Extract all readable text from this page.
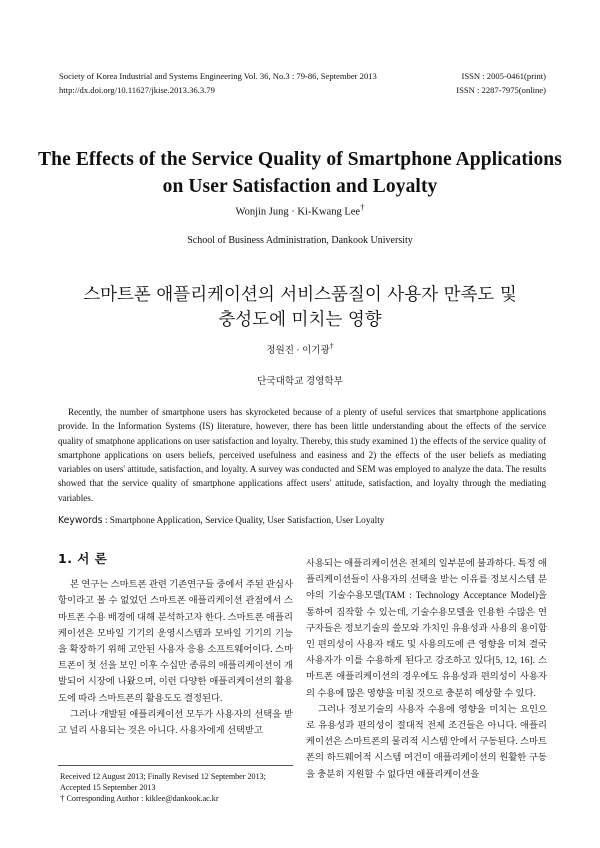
Society of Korea Industrial and Systems Engineering Vol. 36, No.3 : 79-86, September 2013	ISSN : 2005-0461(print)
http://dx.doi.org/10.11627/jkise.2013.36.3.79	ISSN : 2287-7975(online)
The Effects of the Service Quality of Smartphone Applications
on User Satisfaction and Loyalty
Wonjin Jung · Ki-Kwang Lee†
School of Business Administration, Dankook University
스마트폰 애플리케이션의 서비스품질이 사용자 만족도 및
충성도에 미치는 영향
정원진 · 이기광†
단국대학교 경영학부
Recently, the number of smartphone users has skyrocketed because of a plenty of useful services that smartphone applications provide. In the Information Systems (IS) literature, however, there has been little understanding about the effects of the service quality of smatphone applications on user satisfaction and loyalty. Thereby, this study examined 1) the effects of the service quality of smartphone applications on users beliefs, perceived usefulness and easiness and 2) the effects of the user beliefs as mediating variables on users' attitude, satisfaction, and loyalty. A survey was conducted and SEM was employed to analyze the data. The results showed that the service quality of smartphone applications affect users' attitude, satisfaction, and loyalty through the mediating variables.
Keywords : Smartphone Application, Service Quality, User Satisfaction, User Loyalty
1. 서 론

본 연구는 스마트폰 관련 기존연구들 중에서 주된 관심사항이라고 볼 수 없었던 스마트폰 애플리케이션 관점에서 스마트폰 수용 배경에 대해 분석하고자 한다. 스마트폰 애플리케이션은 모바일 기기의 운영시스템과 모바일 기기의 기능을 확장하기 위해 고안된 사용자 응용 소프트웨어이다. 스마트폰이 첫 선을 보인 이후 수십만 종류의 애플리케이션이 개발되어 시장에 나왔으며, 이런 다양한 애플리케이션의 활용도에 따라 스마트폰의 활용도도 결정된다.

그러나 개발된 애플리케이션 모두가 사용자의 선택을 받고 널리 사용되는 것은 아니다. 사용자에게 선택받고

사용되는 애플리케이션은 전체의 일부분에 불과하다. 특정 애플리케이션들이 사용자의 선택을 받는 이유를 정보시스템 분야의 기술수용모델(TAM : Technology Acceptance Model)을 통하여 짐작할 수 있는데, 기술수용모델을 인용한 수많은 연구자들은 정보기술의 쓸모와 가치인 유용성과 사용의 용이함인 편의성이 사용자 태도 및 사용의도에 큰 영향을 미쳐 결국 사용자가 이를 수용하게 된다고 강조하고 있다[5, 12, 16]. 스마트폰 애플리케이션의 경우에도 유용성과 편의성이 사용자의 수용에 많은 영향을 미칠 것으로 충분히 예상할 수 있다.

그러나 정보기술의 사용자 수용에 영향을 미치는 요인으로 유용성과 편의성이 절대적 전제 조건들은 아니다. 애플리케이션은 스마트폰의 물리적 시스템 안에서 구동된다. 스마트폰의 하드웨어적 시스템 여건이 애플리케이션의 원활한 구동을 충분히 지원할 수 없다면 애플리케이션을

Received 12 August 2013; Finally Revised 12 September 2013;
Accepted 15 September 2013
† Corresponding Author : kiklee@dankook.ac.kr
